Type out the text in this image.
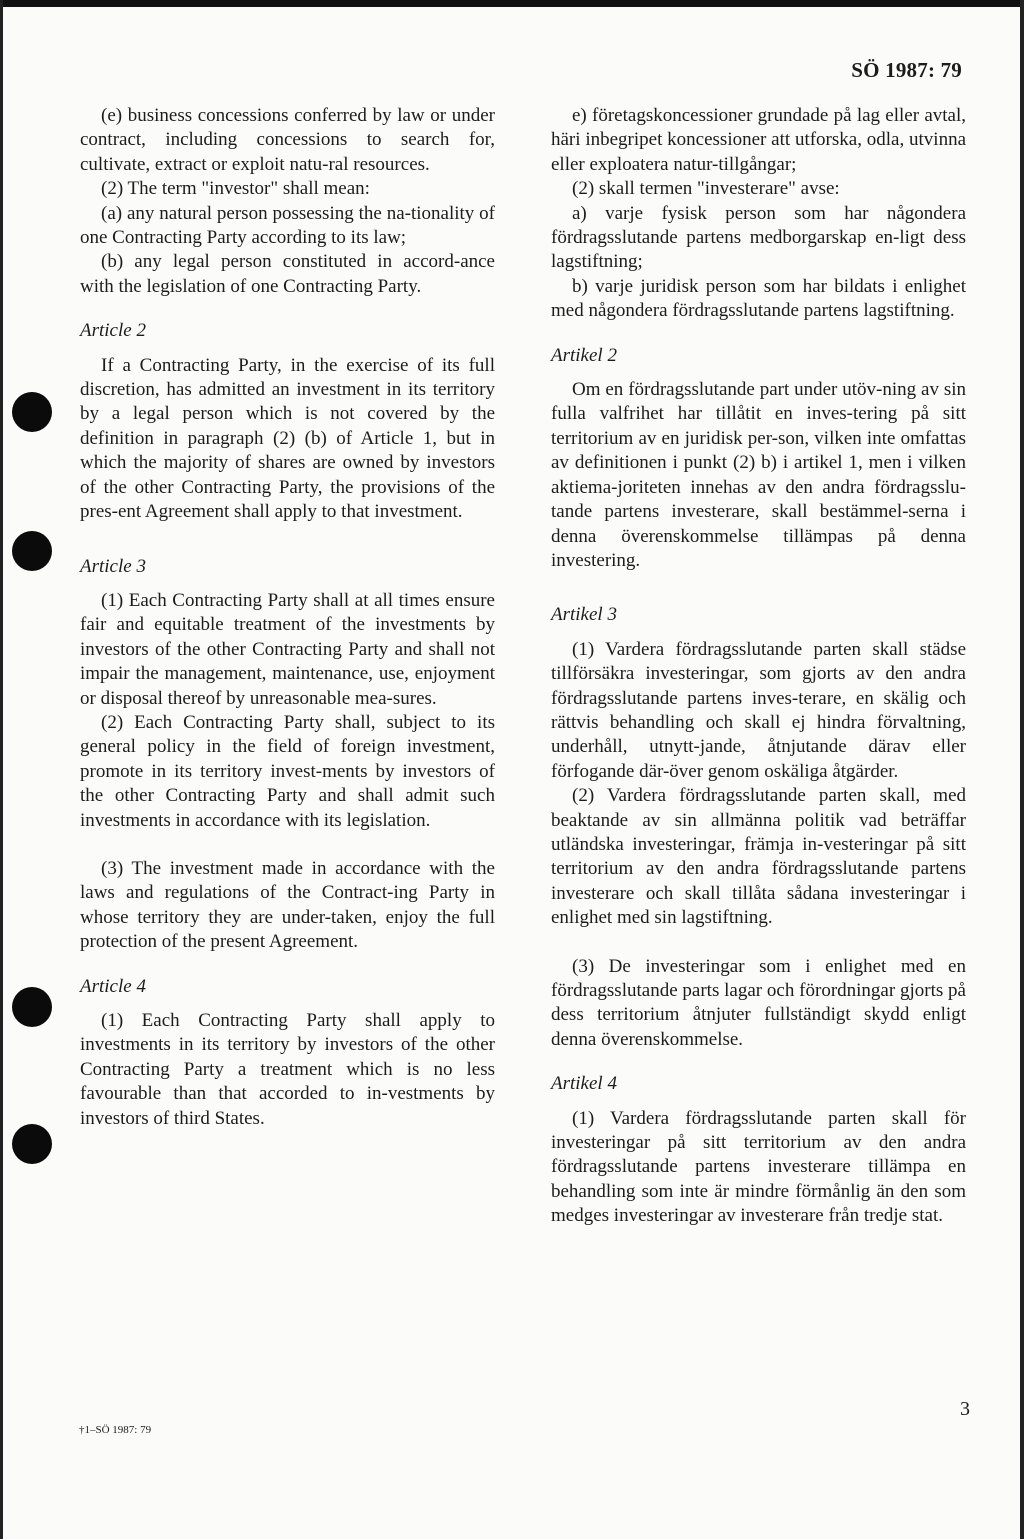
SÖ 1987: 79

(e) business concessions conferred by law or under contract, including concessions to search for, cultivate, extract or exploit natu-ral resources.

(2) The term "investor" shall mean:

(a) any natural person possessing the na-tionality of one Contracting Party according to its law;

(b) any legal person constituted in accord-ance with the legislation of one Contracting Party.

Article 2

If a Contracting Party, in the exercise of its full discretion, has admitted an investment in its territory by a legal person which is not covered by the definition in paragraph (2) (b) of Article 1, but in which the majority of shares are owned by investors of the other Contracting Party, the provisions of the pres-ent Agreement shall apply to that investment.

Article 3

(1) Each Contracting Party shall at all times ensure fair and equitable treatment of the investments by investors of the other Contracting Party and shall not impair the management, maintenance, use, enjoyment or disposal thereof by unreasonable mea-sures.

(2) Each Contracting Party shall, subject to its general policy in the field of foreign investment, promote in its territory invest-ments by investors of the other Contracting Party and shall admit such investments in accordance with its legislation.

(3) The investment made in accordance with the laws and regulations of the Contract-ing Party in whose territory they are under-taken, enjoy the full protection of the present Agreement.

Article 4

(1) Each Contracting Party shall apply to investments in its territory by investors of the other Contracting Party a treatment which is no less favourable than that accorded to in-vestments by investors of third States.

e) företagskoncessioner grundade på lag eller avtal, häri inbegripet koncessioner att utforska, odla, utvinna eller exploatera natur-tillgångar;

(2) skall termen "investerare" avse:

a) varje fysisk person som har någondera fördragsslutande partens medborgarskap en-ligt dess lagstiftning;

b) varje juridisk person som har bildats i enlighet med någondera fördragsslutande partens lagstiftning.

Artikel 2

Om en fördragsslutande part under utöv-ning av sin fulla valfrihet har tillåtit en inves-tering på sitt territorium av en juridisk per-son, vilken inte omfattas av definitionen i punkt (2) b) i artikel 1, men i vilken aktiema-joriteten innehas av den andra fördragsslu-tande partens investerare, skall bestämmel-serna i denna överenskommelse tillämpas på denna investering.

Artikel 3

(1) Vardera fördragsslutande parten skall städse tillförsäkra investeringar, som gjorts av den andra fördragsslutande partens inves-terare, en skälig och rättvis behandling och skall ej hindra förvaltning, underhåll, utnytt-jande, åtnjutande därav eller förfogande där-över genom oskäliga åtgärder.

(2) Vardera fördragsslutande parten skall, med beaktande av sin allmänna politik vad beträffar utländska investeringar, främja in-vesteringar på sitt territorium av den andra fördragsslutande partens investerare och skall tillåta sådana investeringar i enlighet med sin lagstiftning.

(3) De investeringar som i enlighet med en fördragsslutande parts lagar och förordningar gjorts på dess territorium åtnjuter fullständigt skydd enligt denna överenskommelse.

Artikel 4

(1) Vardera fördragsslutande parten skall för investeringar på sitt territorium av den andra fördragsslutande partens investerare tillämpa en behandling som inte är mindre förmånlig än den som medges investeringar av investerare från tredje stat.

3
†1–SÖ 1987: 79
